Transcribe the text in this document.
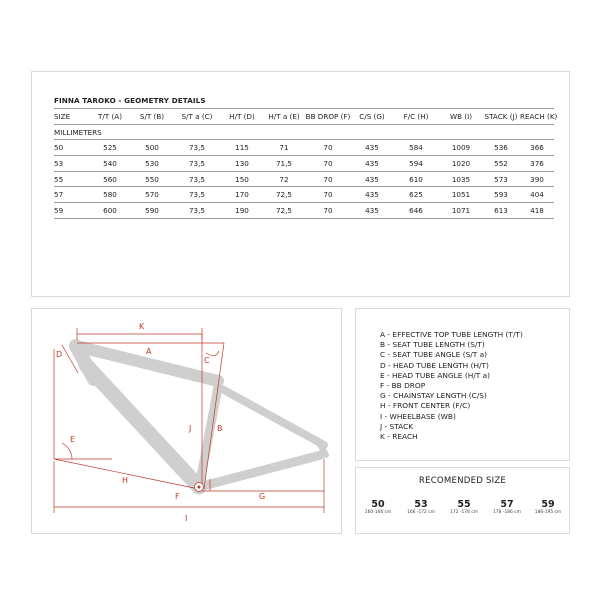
FINNA TAROKO - GEOMETRY DETAILS
SIZE	T/T (A)	S/T (B)	S/T a (C)	H/T (D)	H/T a (E)	BB DROP (F)	C/S (G)	F/C (H)	WB (I)	STACK (J)	REACH (K)
MILLIMETERS											
50	525	500	73,5	115	71	70	435	584	1009	536	366
53	540	530	73,5	130	71,5	70	435	594	1020	552	376
55	560	550	73,5	150	72	70	435	610	1035	573	390
57	580	570	73,5	170	72,5	70	435	625	1051	593	404
59	600	590	73,5	190	72,5	70	435	646	1071	613	418
K
A
D
C
J	B
E
H
F	G
I
A - EFFECTIVE TOP TUBE LENGTH (T/T)
B - SEAT TUBE LENGTH (S/T)
C - SEAT TUBE ANGLE (S/T a)
D - HEAD TUBE LENGTH (H/T)
E - HEAD TUBE ANGLE (H/T a)
F - BB DROP
G - CHAINSTAY LENGTH (C/S)
H - FRONT CENTER (F/C)
I - WHEELBASE (WB)
J - STACK
K - REACH
RECOMENDED SIZE
50
160-166 cm
53
166 -172 cm
55
172 -178 cm
57
178 -186 cm
59
186-195 cm
